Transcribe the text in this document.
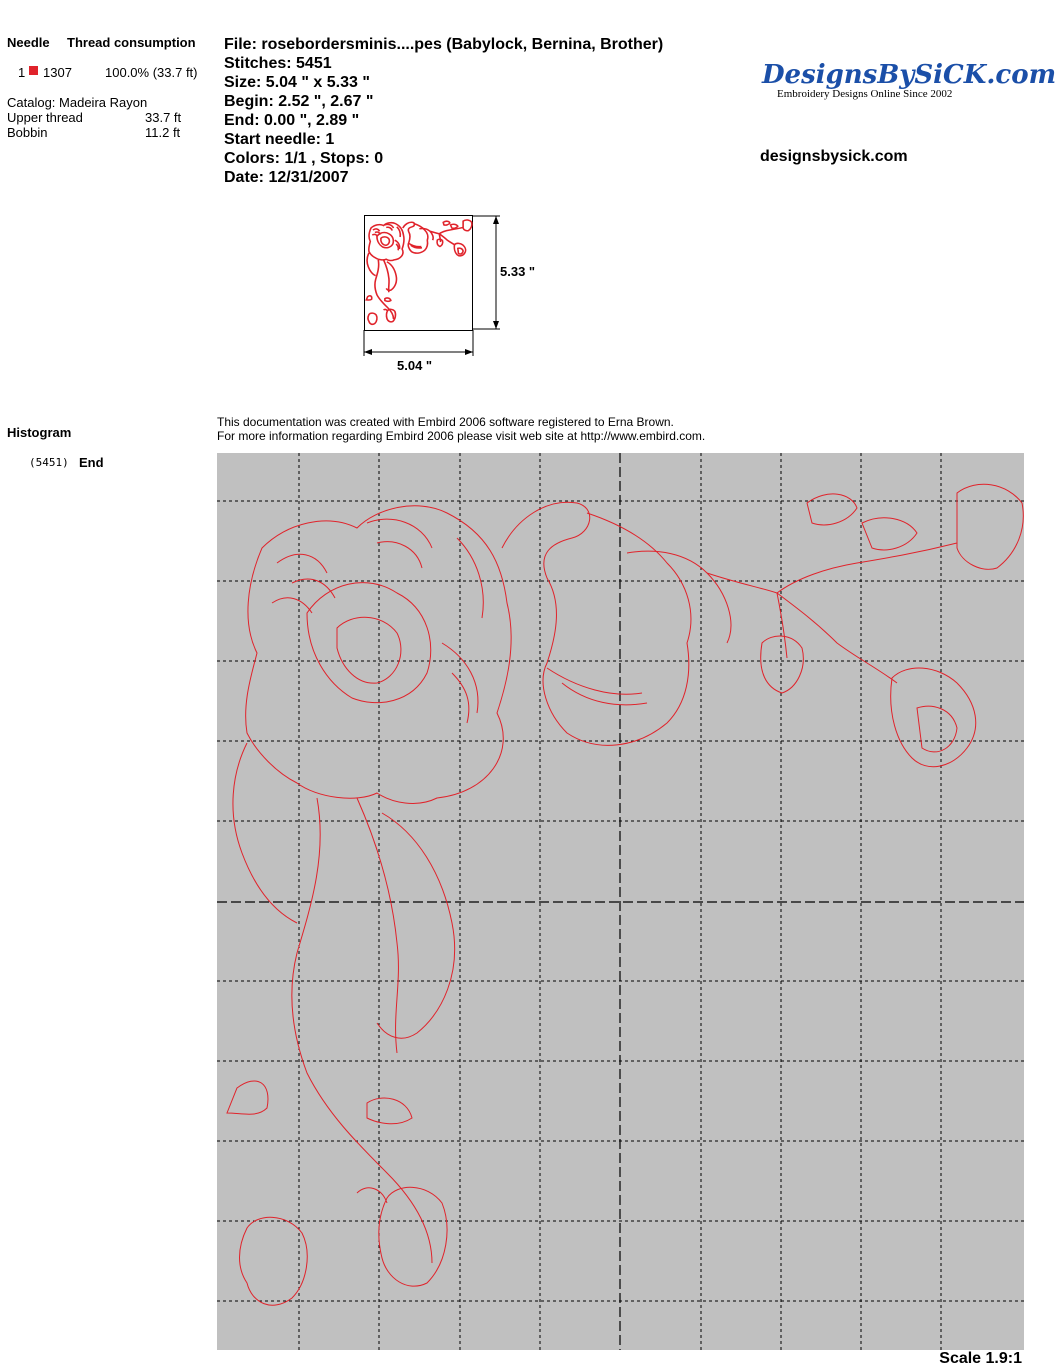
Needle Thread consumption
1 1307	100.0% (33.7 ft)
Catalog: Madeira Rayon
Upper thread	33.7 ft
Bobbin	11.2 ft
File: rosebordersminis....pes (Babylock, Bernina, Brother)
Stitches: 5451
Size: 5.04 " x 5.33 "
Begin: 2.52 ", 2.67 "
End: 0.00 ", 2.89 "
Start needle: 1
Colors: 1/1 , Stops: 0
Date: 12/31/2007
DesignsBySiCK.com
Embroidery Designs Online Since 2002
designsbysick.com
5.33 "
5.04 "
This documentation was created with Embird 2006 software registered to Erna Brown.
For more information regarding Embird 2006 please visit web site at http://www.embird.com.
Histogram
(5451) End
Scale 1.9:1
